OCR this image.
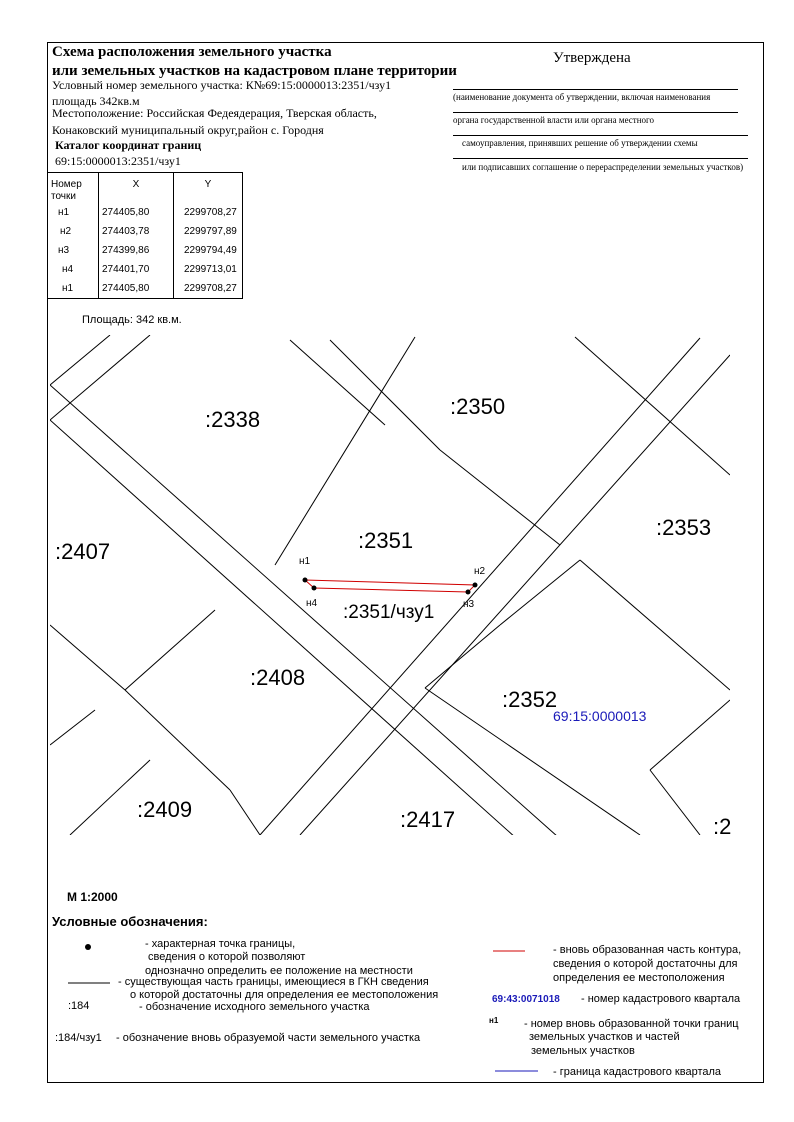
Схема расположения земельного участка
или земельных участков на кадастровом плане территории
Условный номер земельного участка: К№69:15:0000013:2351/чзу1
площадь 342кв.м
Местоположение: Российская Федеядерация, Тверская область,
Конаковский муниципальный округ,район с. Городня
Каталог координат границ
69:15:0000013:2351/чзу1
Утверждена
(наименование документа об утверждении, включая наименования
органа государственной власти или органа местного
самоуправления, принявших решение об утверждении схемы
или подписавших соглашение о перераспределении земельных участков)
Номер точки	X	Y
н1	274405,80	2299708,27
н2	274403,78	2299797,89
н3	274399,86	2299794,49
н4	274401,70	2299713,01
н1	274405,80	2299708,27
Площадь: 342 кв.м.
:2338
:2350
:2407	:2351
:2353
:2351/чзу1
:2408
:2352
:2409	:2417	:2
69:15:0000013
н1
н2
н3
н4
М 1:2000
Условные обозначения:
- характерная точка границы,
сведения о которой позволяют
однозначно определить ее положение на местности
- существующая часть границы, имеющиеся в ГКН сведения
о которой достаточны для определения ее местоположения
:184	- обозначение исходного земельного участка
:184/чзу1 - обозначение вновь образуемой части земельного участка
- вновь образованная часть контура,
сведения о которой достаточны для
определения ее местоположения
69:43:0071018 - номер кадастрового квартала
н1 - номер вновь образованной точки границ
земельных участков и частей
земельных участков
- граница кадастрового квартала
